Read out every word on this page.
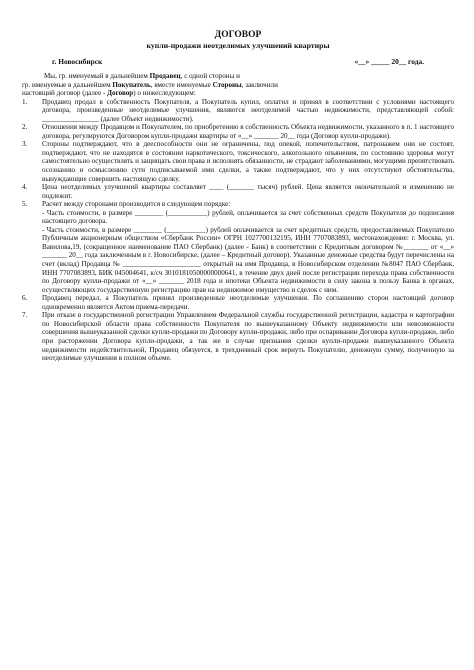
ДОГОВОР

купли-продажи неотделимых улучшений квартиры

г. Новосибирск	«__» _____ 20__ года.

Мы, гр. именуемый в дальнейшем Продавец, с одной стороны и

гр. именуемые в дальнейшем Покупатель, вместе именуемые Стороны, заключили

настоящий договор (далее - Договор) о нижеследующем:

1.	Продавец продал в собственность Покупателя, а Покупатель купил, оплатил и принял в соответствии с условиями настоящего договора, произведенные неотделимые улучшения, являются неотделимой частью недвижимости, представляющей собой: ________________ (далее Объект недвижимости).
2.	Отношения между Продавцом и Покупателем, по приобретению в собственность Объекта недвижимости, указанного в п. 1 настоящего договора, регулируются Договором купли-продажи квартиры от «__» _______ 20__ года (Договор купли-продажи).
3.	Стороны подтверждают, что в дееспособности они не ограничены, под опекой, попечительством, патронажем они не состоят, подтверждают, что не находятся в состоянии наркотического, токсического, алкогольного опьянения, по состоянию здоровья могут самостоятельно осуществлять и защищать свои права и исполнять обязанности, не страдают заболеваниями, могущими препятствовать осознанию и осмыслению сути подписываемой ими сделки, а также подтверждают, что у них отсутствуют обстоятельства, вынуждающие совершить настоящую сделку.
4.	Цена неотделимых улучшений квартиры составляет ____ (_______ тысяч) рублей. Цена является окончательной и изменению не подлежит.
5.	Расчет между сторонами производится в следующем порядке:

- Часть стоимости, в размере ________ (___________) рублей, оплачивается за счет собственных средств Покупателя до подписания настоящего договора.

- Часть стоимости, в размере ________ (___________) рублей оплачивается за счет кредитных средств, предоставляемых Покупателю Публичным акционерным обществом «Сбербанк России» ОГРН 1027700132195, ИНН 7707083893, местонахождение: г. Москва, ул. Вавилова,19, (сокращенное наименование ПАО Сбербанк) (далее - Банк) в соответствии с Кредитным договором №_______ от «__» _______ 20__ года заключенным в г. Новосибирске, (далее – Кредитный договор). Указанные денежные средства будут перечислены на счет (вклад) Продавца № ______________________ открытый на имя Продавца, в Новосибирском отделении №8047 ПАО Сбербанк, ИНН 7707083893, БИК 045004641, к/сч 30101810500000000641, в течение двух дней после регистрации перехода права собственности по Договору купли-продажи от «__» _______ 2018 года и ипотеки Объекта недвижимости в силу закона в пользу Банка в органах, осуществляющих государственную регистрацию прав на недвижимое имущество и сделок с ним.

6.	Продавец передал, а Покупатель принял произведенные неотделимые улучшения. По соглашению сторон настоящий договор одновременно является Актом приема-передачи.
7.	При отказе в государственной регистрации Управлением Федеральной службы государственной регистрации, кадастра и картографии по Новосибирской области права собственности Покупателя по вышеуказанному Объекту недвижимости или невозможности совершения вышеуказанной сделки купли-продажи по Договору купли-продажи, либо при оспаривании Договора купли-продажи, либо при расторжении Договора купли-продажи, а так же в случае признания сделки купли-продажи вышеуказанного Объекта недвижимости недействительной, Продавец обязуется, в трехдневный срок вернуть Покупателю, денежную сумму, полученную за неотделимые улучшения в полном объеме.
